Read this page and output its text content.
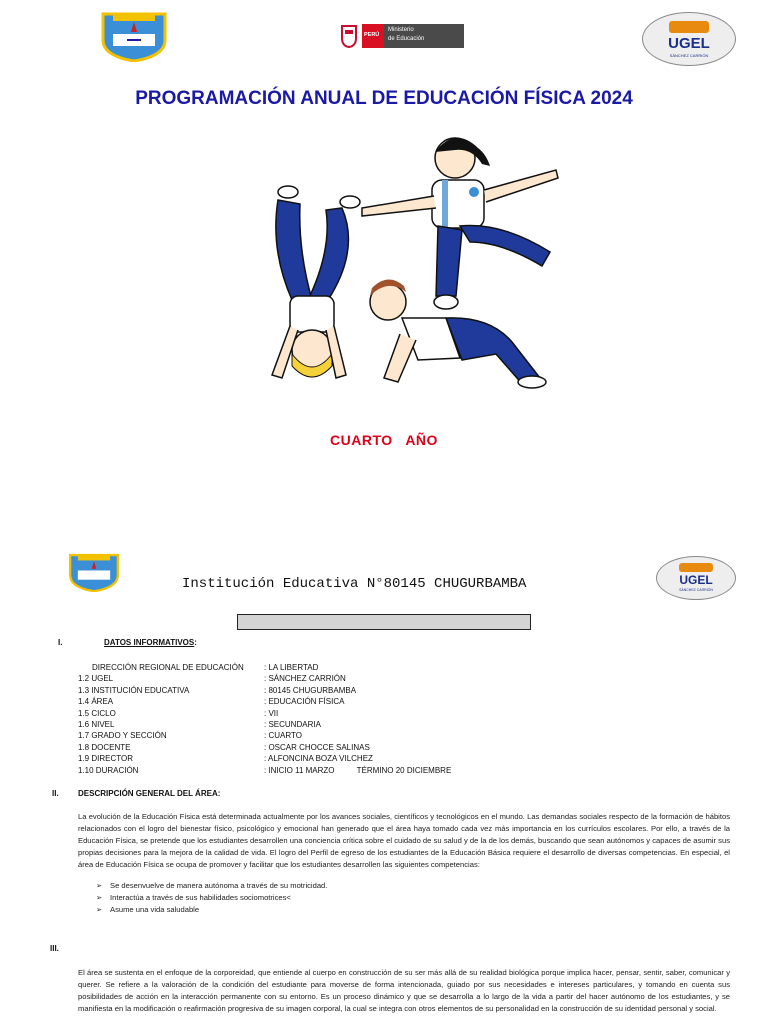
PERÚ
Ministerio
de Educación	UGEL
SÁNCHEZ CARRIÓN
PROGRAMACIÓN ANUAL DE EDUCACIÓN FÍSICA 2024
CUARTO   AÑO
Institución Educativa N°80145 CHUGURBAMBA	UGEL
SÁNCHEZ CARRIÓN
I.	DATOS INFORMATIVOS:
DIRECCIÓN REGIONAL DE EDUCACIÓN	: LA LIBERTAD
1.2 UGEL	: SÁNCHEZ CARRIÓN
1.3 INSTITUCIÓN EDUCATIVA	: 80145 CHUGURBAMBA
1.4 ÁREA	: EDUCACIÓN FÍSICA
1.5 CICLO	: VII
1.6 NIVEL	: SECUNDARIA
1.7 GRADO Y SECCIÓN	: CUARTO
1.8 DOCENTE	: OSCAR CHOCCE SALINAS
1.9 DIRECTOR	: ALFONCINA BOZA VILCHEZ
1.10 DURACIÓN	: INICIO 11 MARZO          TÉRMINO 20 DICIEMBRE
II. DESCRIPCIÓN GENERAL DEL ÁREA:
La evolución de la Educación Física está determinada actualmente por los avances sociales, científicos y tecnológicos en el mundo. Las demandas sociales respecto de la formación de hábitos relacionados con el logro del bienestar físico, psicológico y emocional han generado que el área haya tomado cada vez más importancia en los currículos escolares. Por ello, a través de la Educación Física, se pretende que los estudiantes desarrollen una conciencia crítica sobre el cuidado de su salud y de la de los demás, buscando que sean autónomos y capaces de asumir sus propias decisiones para la mejora de la calidad de vida. El logro del Perfil de egreso de los estudiantes de la Educación Básica requiere el desarrollo de diversas competencias. En especial, el área de Educación Física se ocupa de promover y facilitar que los estudiantes desarrollen las siguientes competencias:
➢ Se desenvuelve de manera autónoma a través de su motricidad.
➢ Interactúa a través de sus habilidades sociomotrices<
➢ Asume una vida saludable
III.
El área se sustenta en el enfoque de la corporeidad, que entiende al cuerpo en construcción de su ser más allá de su realidad biológica porque implica hacer, pensar, sentir, saber, comunicar y querer. Se refiere a la valoración de la condición del estudiante para moverse de forma intencionada, guiado por sus necesidades e intereses particulares, y tomando en cuenta sus posibilidades de acción en la interacción permanente con su entorno. Es un proceso dinámico y que se desarrolla a lo largo de la vida a partir del hacer autónomo de los estudiantes, y se manifiesta en la modificación o reafirmación progresiva de su imagen corporal, la cual se integra con otros elementos de su personalidad en la construcción de su identidad personal y social.
